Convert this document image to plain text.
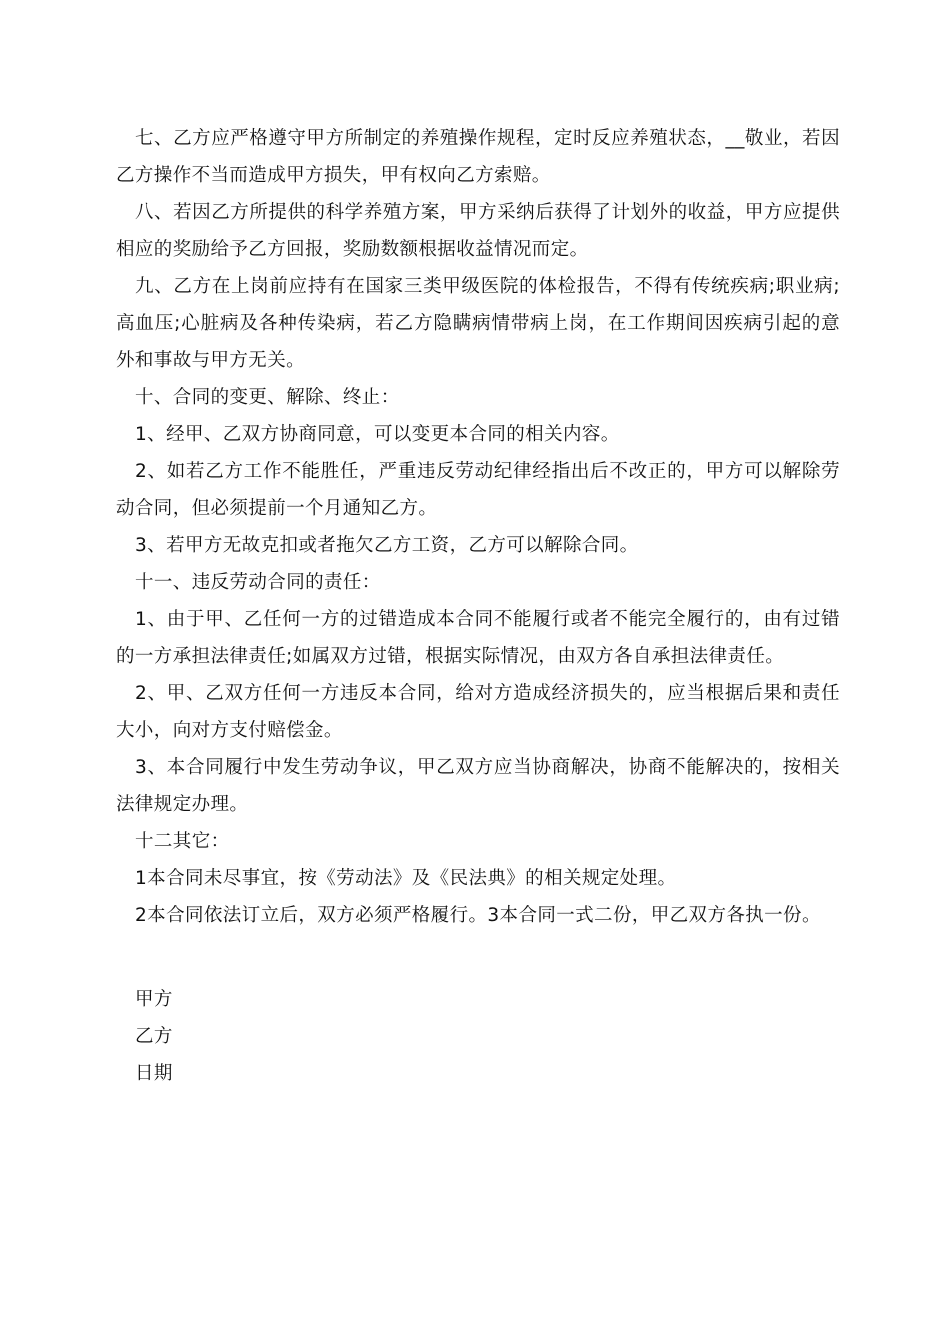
七、乙方应严格遵守甲方所制定的养殖操作规程，定时反应养殖状态，__敬业，若因乙方操作不当而造成甲方损失，甲有权向乙方索赔。

八、若因乙方所提供的科学养殖方案，甲方采纳后获得了计划外的收益，甲方应提供相应的奖励给予乙方回报，奖励数额根据收益情况而定。

九、乙方在上岗前应持有在国家三类甲级医院的体检报告，不得有传统疾病;职业病;高血压;心脏病及各种传染病，若乙方隐瞒病情带病上岗，在工作期间因疾病引起的意外和事故与甲方无关。

十、合同的变更、解除、终止：

1、经甲、乙双方协商同意，可以变更本合同的相关内容。

2、如若乙方工作不能胜任，严重违反劳动纪律经指出后不改正的，甲方可以解除劳动合同，但必须提前一个月通知乙方。

3、若甲方无故克扣或者拖欠乙方工资，乙方可以解除合同。

十一、违反劳动合同的责任：

1、由于甲、乙任何一方的过错造成本合同不能履行或者不能完全履行的，由有过错的一方承担法律责任;如属双方过错，根据实际情况，由双方各自承担法律责任。

2、甲、乙双方任何一方违反本合同，给对方造成经济损失的，应当根据后果和责任大小，向对方支付赔偿金。

3、本合同履行中发生劳动争议，甲乙双方应当协商解决，协商不能解决的，按相关法律规定办理。

十二其它：

1本合同未尽事宜，按《劳动法》及《民法典》的相关规定处理。

2本合同依法订立后，双方必须严格履行。3本合同一式二份，甲乙双方各执一份。

甲方

乙方

日期
